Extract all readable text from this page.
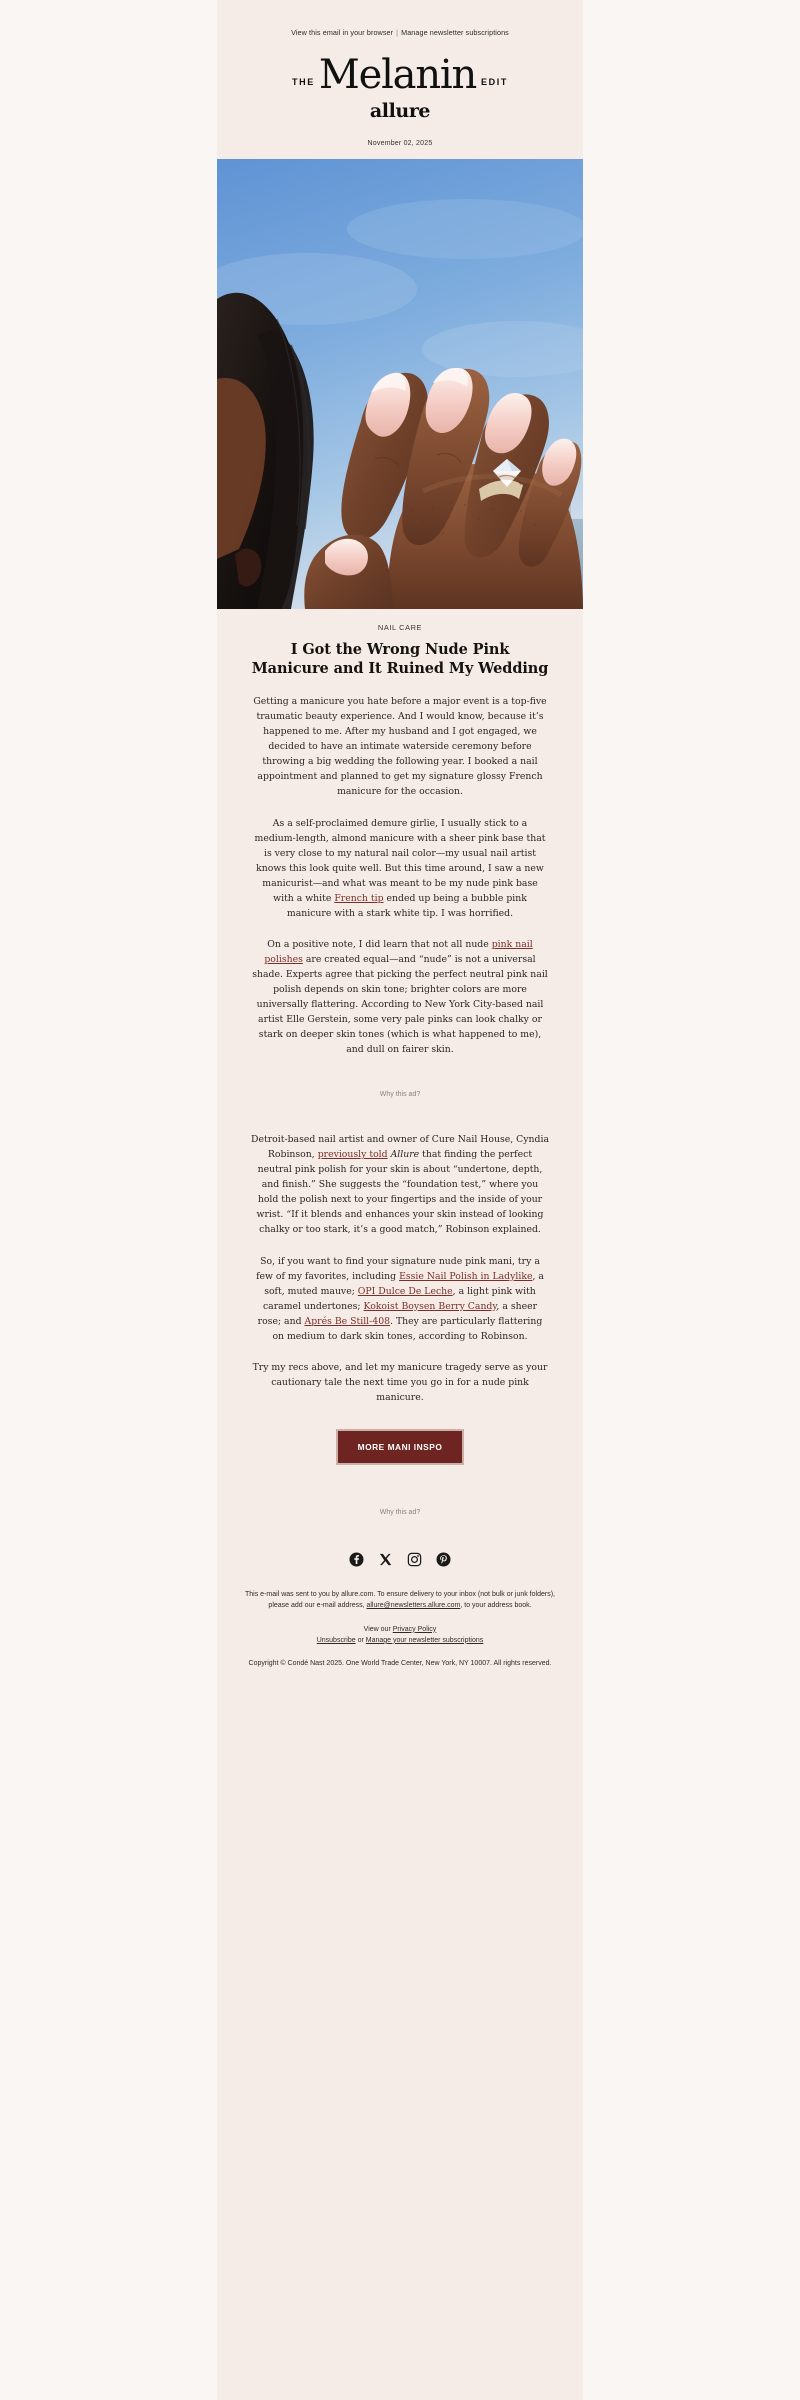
View this email in your browser | Manage newsletter subscriptions
THE Melanin EDIT
allure
November 02, 2025
NAIL CARE
I Got the Wrong Nude Pink Manicure and It Ruined My Wedding

Getting a manicure you hate before a major event is a top-five traumatic beauty experience. And I would know, because it’s happened to me. After my husband and I got engaged, we decided to have an intimate waterside ceremony before throwing a big wedding the following year. I booked a nail appointment and planned to get my signature glossy French manicure for the occasion.

As a self-proclaimed demure girlie, I usually stick to a medium-length, almond manicure with a sheer pink base that is very close to my natural nail color—my usual nail artist knows this look quite well. But this time around, I saw a new manicurist—and what was meant to be my nude pink base with a white French tip ended up being a bubble pink manicure with a stark white tip. I was horrified.

On a positive note, I did learn that not all nude pink nail polishes are created equal—and “nude” is not a universal shade. Experts agree that picking the perfect neutral pink nail polish depends on skin tone; brighter colors are more universally flattering. According to New York City-based nail artist Elle Gerstein, some very pale pinks can look chalky or stark on deeper skin tones (which is what happened to me), and dull on fairer skin.

Why this ad?

Detroit-based nail artist and owner of Cure Nail House, Cyndia Robinson, previously told Allure that finding the perfect neutral pink polish for your skin is about “undertone, depth, and finish.” She suggests the “foundation test,” where you hold the polish next to your fingertips and the inside of your wrist. “If it blends and enhances your skin instead of looking chalky or too stark, it’s a good match,” Robinson explained.

So, if you want to find your signature nude pink mani, try a few of my favorites, including Essie Nail Polish in Ladylike, a soft, muted mauve; OPI Dulce De Leche, a light pink with caramel undertones; Kokoist Boysen Berry Candy, a sheer rose; and Aprés Be Still-408. They are particularly flattering on medium to dark skin tones, according to Robinson.

Try my recs above, and let my manicure tragedy serve as your cautionary tale the next time you go in for a nude pink manicure.

MORE MANI INSPO
Why this ad?
This e-mail was sent to you by allure.com. To ensure delivery to your inbox (not bulk or junk folders), please add our e-mail address, allure@newsletters.allure.com, to your address book.
View our Privacy Policy
Unsubscribe or Manage your newsletter subscriptions
Copyright © Condé Nast 2025. One World Trade Center, New York, NY 10007. All rights reserved.
